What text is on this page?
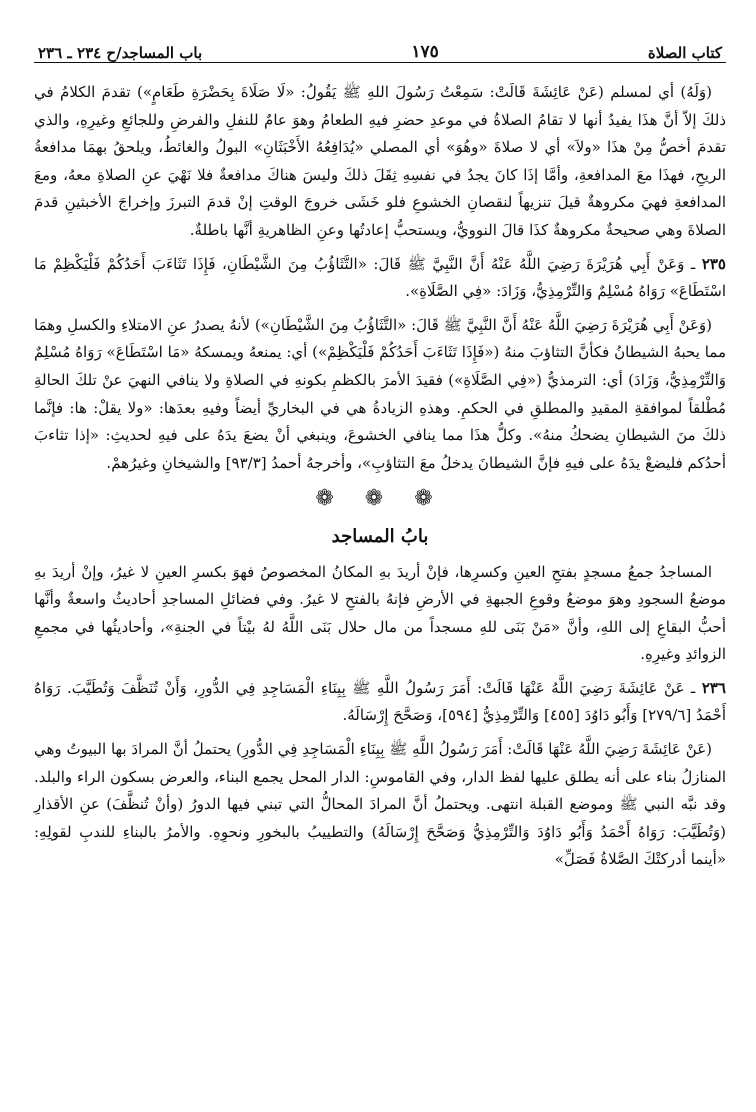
كتاب الصلاة
١٧٥
باب المساجد/ح ٢٣٤ ـ ٢٣٦

(وَلَهُ) أي لمسلم (عَنْ عَائِشَةَ قَالَتْ: سَمِعْتُ رَسُولَ اللهِ ﷺ يَقُولُ: «لَا صَلَاةَ بِحَضْرَةِ طَعَامٍ») تقدمَ الكلامُ في ذلكَ إلاّ أنَّ هذَا يفيدُ أنها لا تقامُ الصلاةُ في موعدِ حضرِ فيهِ الطعامُ وهوَ عامٌ للنفلِ والفرضِ وللجائعِ وغيرِهِ، والذي تقدمَ أخصُّ مِنْ هذَا «ولاَ» أي لا صلاةَ «وهُوَ» أي المصلي «يُدَافِعُهُ الأَخْبَثَانِ» البولُ والغائطُ، ويلحقُ بهمَا مدافعةُ الريحِ، فهذَا معَ المدافعةِ، وأمَّا إذَا كانَ يجدُ في نفسِهِ ثِقَلَ ذلكَ وليسَ هناكَ مدافعةٌ فلا نَهْيَ عنِ الصلاةِ معهُ، ومعَ المدافعةِ فهيَ مكروهةٌ قيلَ تنزيهاً لنقصانِ الخشوعِ فلو خَشَى خروجَ الوقتِ إنْ قدمَ التبرزَ وإخراجَ الأخبثينِ قدمَ الصلاةَ وهي صحيحةٌ مكروهةٌ كذَا قالَ النوويُّ، ويستحبُّ إعادتُها وعنِ الظاهريةِ أنَّها باطلةٌ.

٢٣٥ ـ وَعَنْ أَبِي هُرَيْرَةَ رَضِيَ اللَّهُ عَنْهُ أَنَّ النَّبِيَّ ﷺ قَالَ: «التَّثَاؤُبُ مِنَ الشَّيْطَانِ، فَإِذَا تَثَاءَبَ أَحَدُكُمْ فَلْيَكْظِمْ مَا اسْتَطَاعَ» رَوَاهُ مُسْلِمٌ وَالتِّرْمِذِيُّ، وَزَادَ: «فِي الصَّلَاةِ».

(وَعَنْ أَبِي هُرَيْرَةَ رَضِيَ اللَّهُ عَنْهُ أَنَّ النَّبِيَّ ﷺ قَالَ: «التَّثَاؤُبُ مِنَ الشَّيْطَانِ») لأنهُ يصدرُ عنِ الامتلاءِ والكسلِ وهمَا مما يحبهُ الشيطانُ فكأنَّ التثاؤبَ منهُ («فَإِذَا تَثَاءَبَ أَحَدُكُمْ فَلْيَكْظِمْ») أي: يمنعهُ ويمسكهُ «مَا اسْتَطَاعَ» رَوَاهُ مُسْلِمٌ وَالتِّرْمِذِيُّ، وَزَادَ) أي: الترمذيُّ («فِي الصَّلَاةِ») فقيدَ الأمرَ بالكظمِ بكونهِ في الصلاةِ ولا ينافي النهيَ عنْ تلكَ الحالةِ مُطْلقاً لموافقةِ المقيدِ والمطلقِ في الحكمِ. وهذهِ الزيادةُ هي في البخاريِّ أيضاً وفيهِ بعدَها: «ولا يقلْ: ها: فإنَّما ذلكَ منَ الشيطانِ يضحكُ منهُ». وكلُّ هذَا مما ينافي الخشوعَ، وينبغي أنْ يضعَ يدَهُ على فيهِ لحديثِ: «إذا تثاءبَ أحدُكم فليضعْ يدَهُ على فيهِ فإنَّ الشيطانَ يدخلُ معَ التثاؤبِ»، وأخرجهُ أحمدُ [٩٣/٣] والشيخانِ وغيرُهمْ.

❁ ❁ ❁
بابُ المساجد

المساجدُ جمعُ مسجدٍ بفتحِ العينِ وكسرِها، فإنْ أريدَ بهِ المكانُ المخصوصُ فهوَ بكسرِ العينِ لا غيرُ، وإنْ أريدَ بهِ موضعُ السجودِ وهوَ موضعُ وقوعِ الجبهةِ في الأرضِ فإنهُ بالفتحِ لا غيرُ. وفي فضائلِ المساجدِ أحاديثُ واسعةٌ وأنَّها أحبُّ البقاعِ إلى اللهِ، وأنَّ «مَنْ بَنَى للهِ مسجداً من مال حلال بَنَى اللَّهُ لهُ بيْتاً في الجنةِ»، وأحاديثُها في مجمعِ الزوائدِ وغيرِهِ.

٢٣٦ ـ عَنْ عَائِشَةَ رَضِيَ اللَّهُ عَنْهَا قَالَتْ: أَمَرَ رَسُولُ اللَّهِ ﷺ بِبِنَاءِ الْمَسَاجِدِ فِي الدُّورِ، وَأَنْ تُنَظَّفَ وَتُطَيَّبَ. رَوَاهُ أَحْمَدُ [٢٧٩/٦] وَأَبُو دَاوُدَ [٤٥٥] وَالتِّرْمِذِيُّ [٥٩٤]، وَصَحَّحَ إِرْسَالَهُ.

(عَنْ عَائِشَةَ رَضِيَ اللَّهُ عَنْهَا قَالَتْ: أَمَرَ رَسُولُ اللَّهِ ﷺ بِبِنَاءِ الْمَسَاجِدِ فِي الدُّورِ) يحتملُ أنَّ المرادَ بها البيوتُ وهي المنازلُ بناء على أنه يطلق عليها لفظ الدار، وفي القاموسِ: الدار المحل يجمع البناء، والعرض بسكون الراء والبلد. وقد نبَّه النبي ﷺ وموضع القبلة انتهى. ويحتملُ أنَّ المرادَ المحالُّ التي تبني فيها الدورُ (وأنْ تُنظَّفَ) عنِ الأقذارِ (وَتُطَيَّبَ: رَوَاهُ أَحْمَدُ وَأَبُو دَاوُدَ وَالتِّرْمِذِيُّ وَصَحَّحَ إِرْسَالَهُ) والتطييبُ بالبخورِ ونحوِهِ. والأمرُ بالبناءِ للندبِ لقولِهِ: «أينما أدركتْكَ الصَّلاةُ فَصَلِّ»
